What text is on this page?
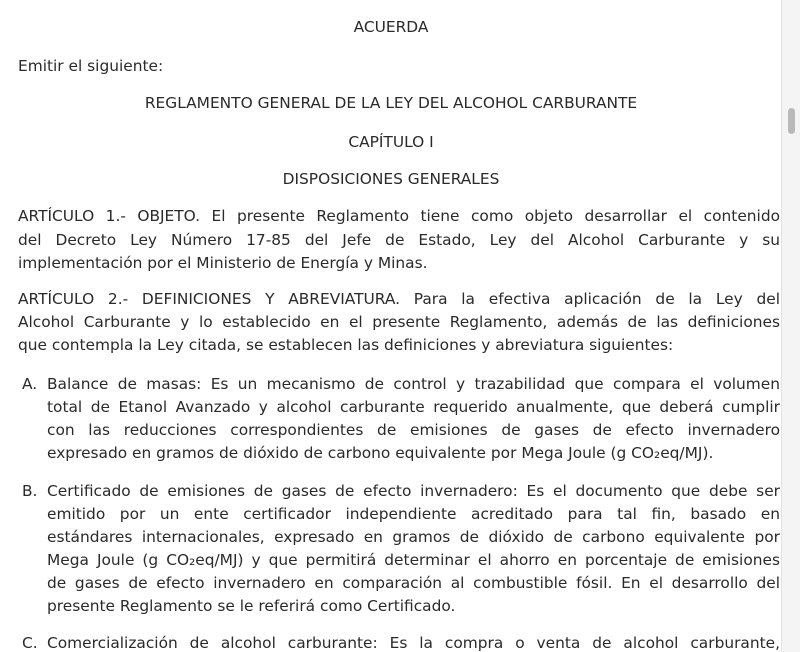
ACUERDA
Emitir el siguiente:
REGLAMENTO GENERAL DE LA LEY DEL ALCOHOL CARBURANTE
CAPÍTULO I
DISPOSICIONES GENERALES
ARTÍCULO 1.- OBJETO. El presente Reglamento tiene como objeto desarrollar el contenido
del Decreto Ley Número 17-85 del Jefe de Estado, Ley del Alcohol Carburante y su
implementación por el Ministerio de Energía y Minas.
ARTÍCULO 2.- DEFINICIONES Y ABREVIATURA. Para la efectiva aplicación de la Ley del
Alcohol Carburante y lo establecido en el presente Reglamento, además de las definiciones
que contempla la Ley citada, se establecen las definiciones y abreviatura siguientes:
A. Balance de masas: Es un mecanismo de control y trazabilidad que compara el volumen
total de Etanol Avanzado y alcohol carburante requerido anualmente, que deberá cumplir
con las reducciones correspondientes de emisiones de gases de efecto invernadero
expresado en gramos de dióxido de carbono equivalente por Mega Joule (g CO₂eq/MJ).
B. Certificado de emisiones de gases de efecto invernadero: Es el documento que debe ser
emitido por un ente certificador independiente acreditado para tal fin, basado en
estándares internacionales, expresado en gramos de dióxido de carbono equivalente por
Mega Joule (g CO₂eq/MJ) y que permitirá determinar el ahorro en porcentaje de emisiones
de gases de efecto invernadero en comparación al combustible fósil. En el desarrollo del
presente Reglamento se le referirá como Certificado.
C. Comercialización de alcohol carburante: Es la compra o venta de alcohol carburante,
